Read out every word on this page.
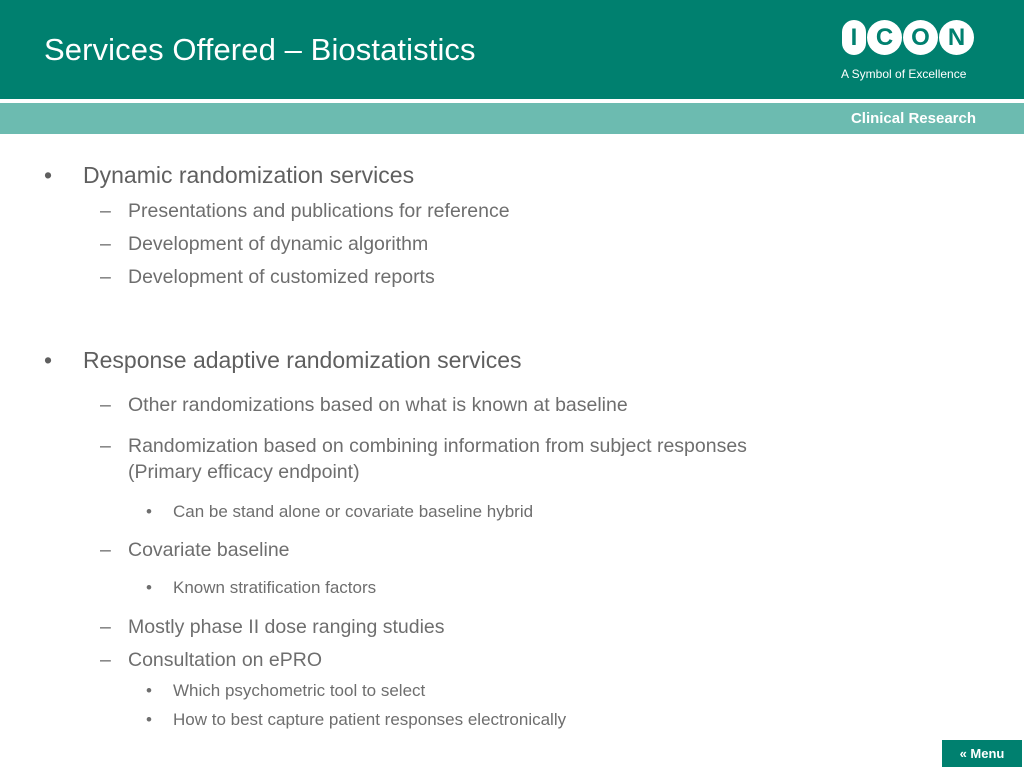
Services Offered – Biostatistics	I C O N
A Symbol of Excellence
Clinical Research
• Dynamic randomization services
– Presentations and publications for reference
– Development of dynamic algorithm
– Development of customized reports
• Response adaptive randomization services
– Other randomizations based on what is known at baseline
– Randomization based on combining information from subject responses
(Primary efficacy endpoint)
• Can be stand alone or covariate baseline hybrid
– Covariate baseline
• Known stratification factors
– Mostly phase II dose ranging studies
– Consultation on ePRO
• Which psychometric tool to select
• How to best capture patient responses electronically
« Menu
